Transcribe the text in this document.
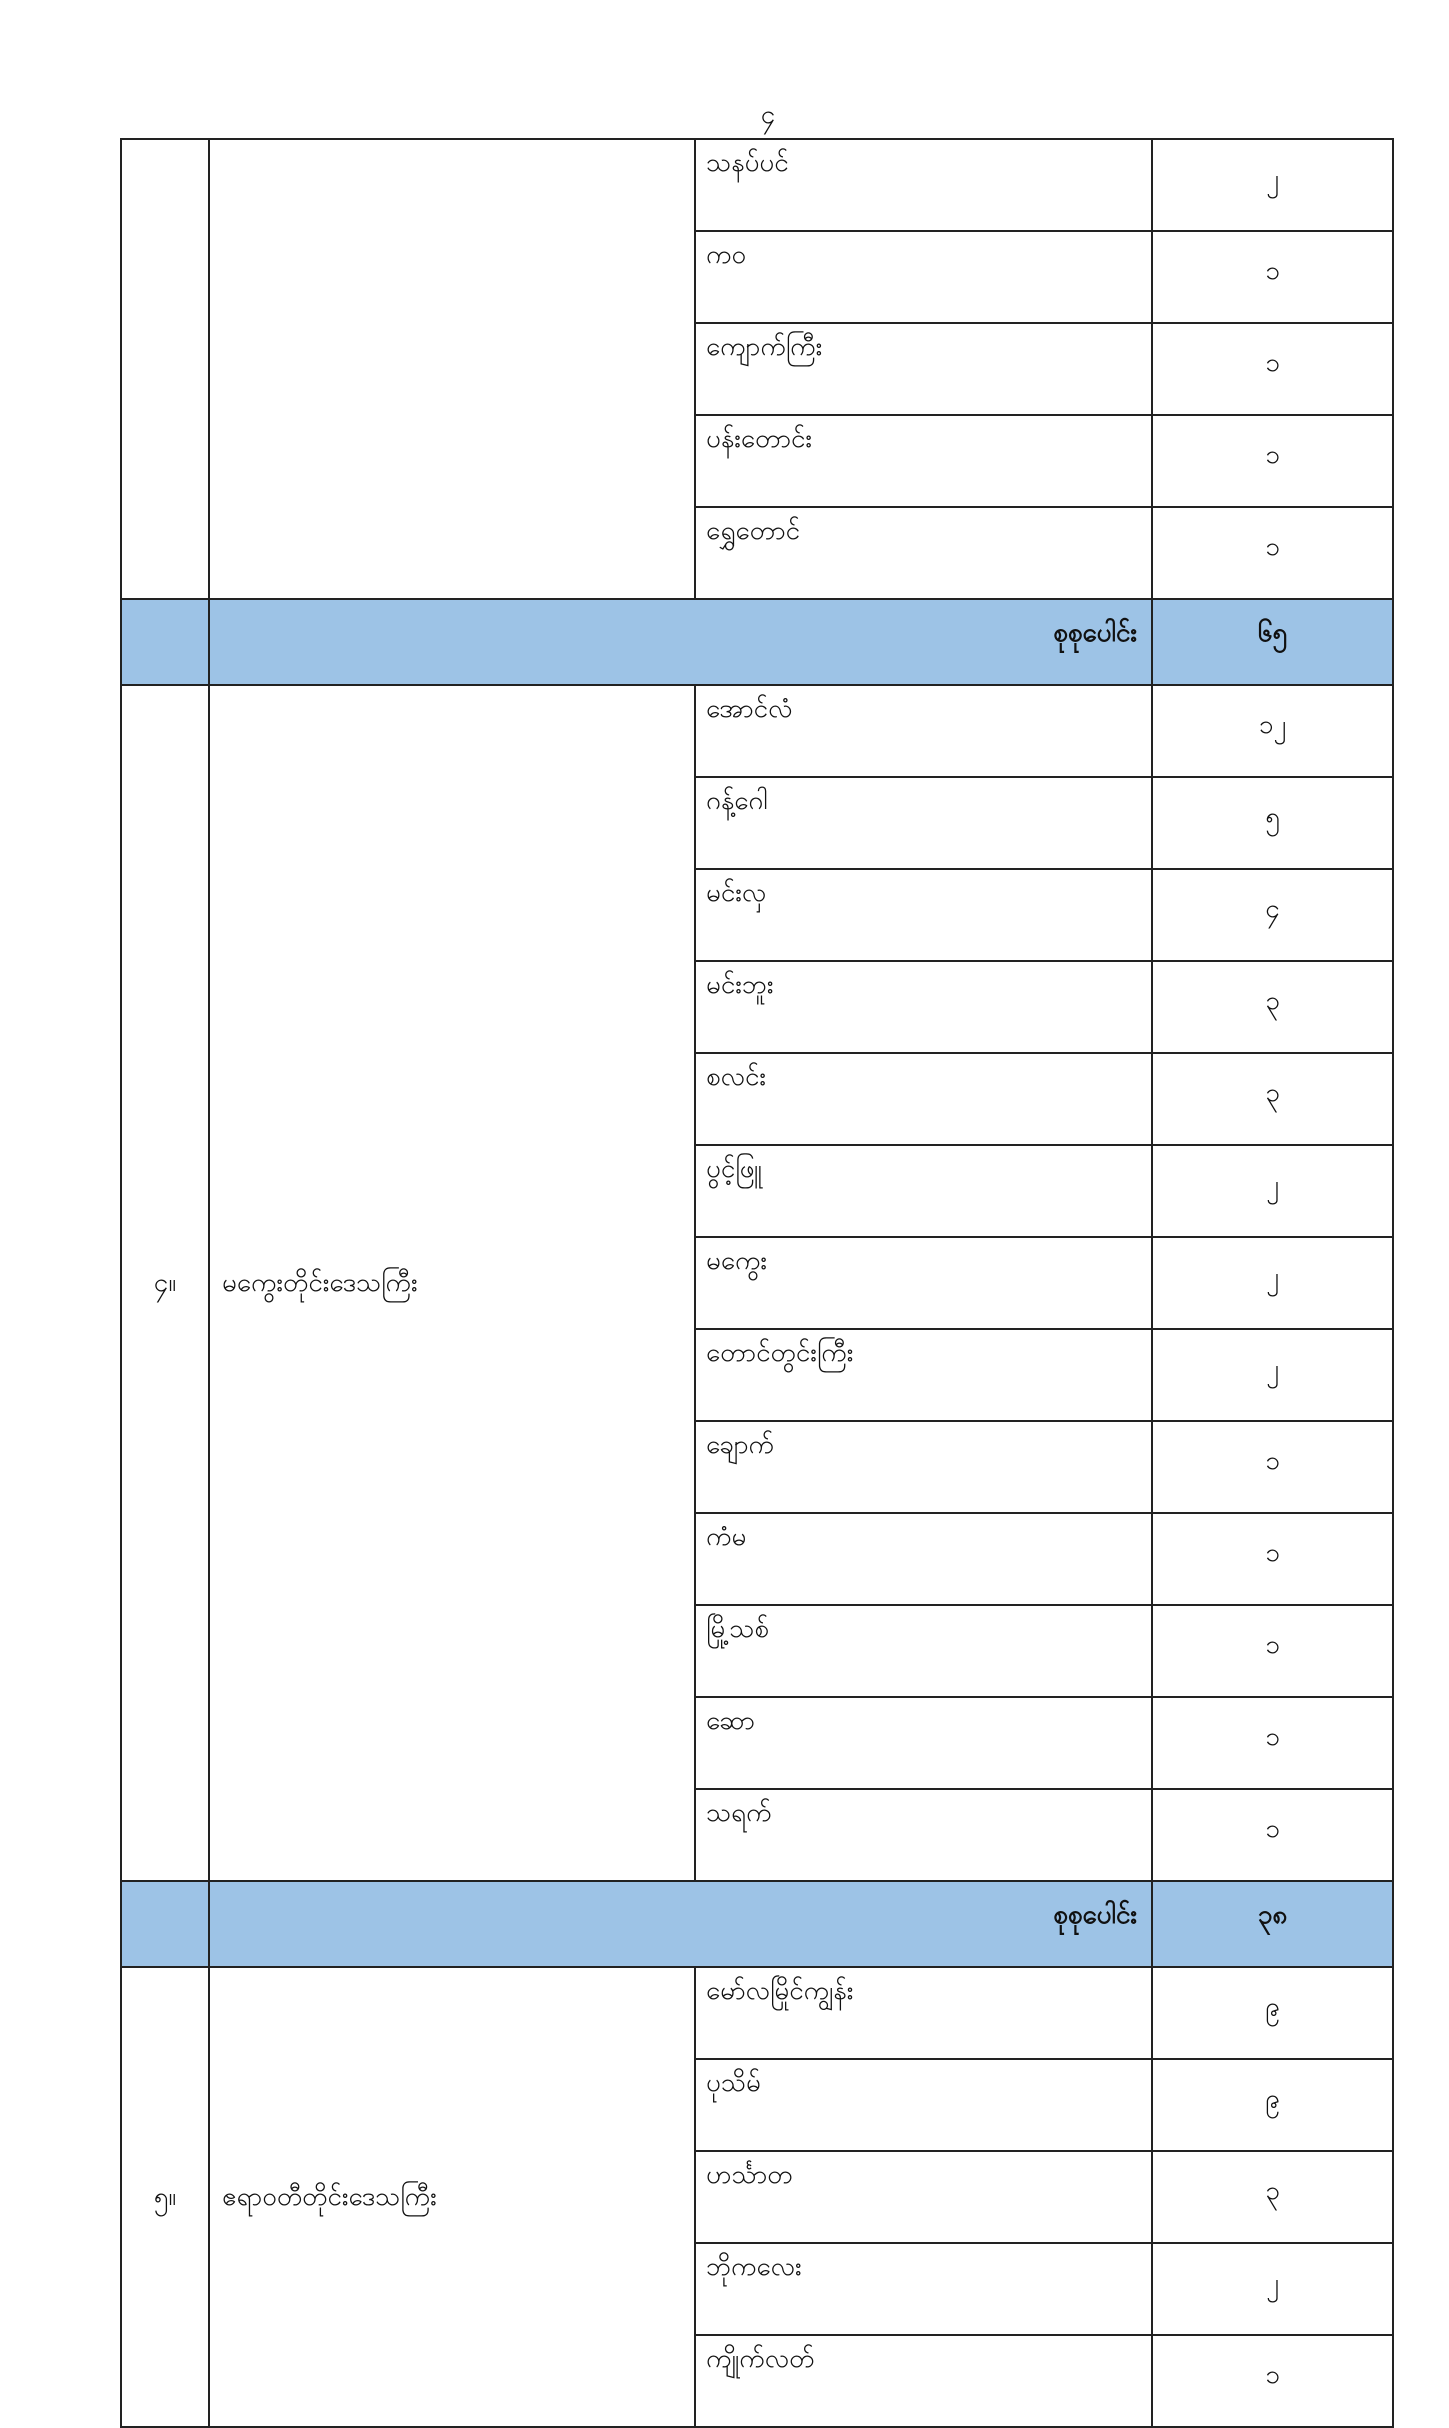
၄
		သနပ်ပင်	၂
		ကဝ	၁
		ကျောက်ကြီး	၁
		ပန်းတောင်း	၁
		ရွှေတောင်	၁
	စုစုပေါင်း		၆၅
၄။	မကွေးတိုင်းဒေသကြီး	အောင်လံ	၁၂
		ဂန့်ဂေါ	၅
		မင်းလှ	၄
		မင်းဘူး	၃
		စလင်း	၃
		ပွင့်ဖြူ	၂
		မကွေး	၂
		တောင်တွင်းကြီး	၂
		ချောက်	၁
		ကံမ	၁
		မြို့သစ်	၁
		ဆော	၁
		သရက်	၁
	စုစုပေါင်း		၃၈
၅။	ဧရာဝတီတိုင်းဒေသကြီး	မော်လမြိုင်ကျွန်း	၉
		ပုသိမ်	၉
		ဟင်္သာတ	၃
		ဘိုကလေး	၂
		ကျိုက်လတ်	၁
